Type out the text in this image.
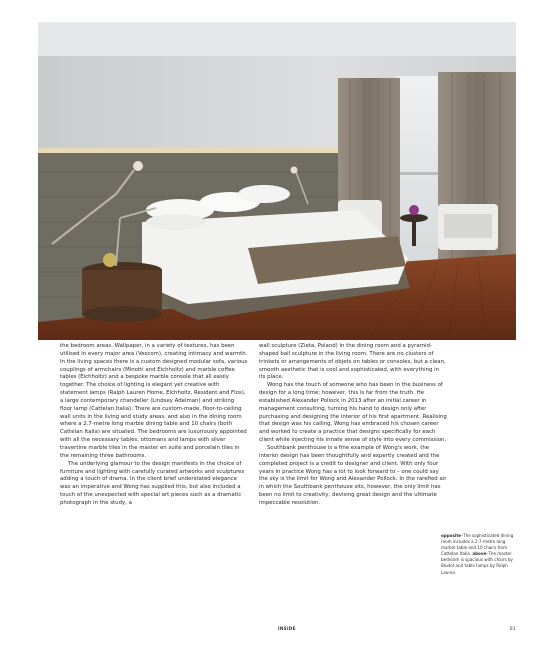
the bedroom areas. Wallpaper, in a variety of textures, has been utilised in every major area (Vescom), creating intimacy and warmth. In the living spaces there is a custom designed modular sofa, various couplings of armchairs (Minotti and Eichholtz) and marble coffee tables (Eichholtz) and a bespoke marble console that all easily together. The choice of lighting is elegant yet creative with statement lamps (Ralph Lauren Home, Eichholtz, Resident and Flos), a large contemporary chandelier (Lindsey Adelman) and striking floor lamp (Cattelan Italia). There are custom-made, floor-to-ceiling wall units in the living and study areas, and also in the dining room where a 2.7-metre long marble dining table and 10 chairs (both Cattelan Italia) are situated. The bedrooms are luxuriously appointed with all the necessary tables, ottomans and lamps with silver travertine marble tiles in the master en suite and porcelain tiles in the remaining three bathrooms.

The underlying glamour to the design manifests in the choice of furniture and lighting with carefully curated artworks and sculptures adding a touch of drama. In the client brief understated elegance was an imperative and Wong has supplied this, but also included a touch of the unexpected with special art pieces such as a dramatic photograph in the study, a

wall sculpture (Zieta, Poland) in the dining room and a pyramid-shaped ball sculpture in the living room. There are no clusters of trinkets or arrangements of objets on tables or consoles, but a clean, smooth aesthetic that is cool and sophisticated, with everything in its place.

Wong has the touch of someone who has been in the business of design for a long time; however, this is far from the truth. He established Alexander Pollock in 2013 after an initial career in management consulting, turning his hand to design only after purchasing and designing the interior of his first apartment. Realising that design was his calling, Wong has embraced his chosen career and worked to create a practice that designs specifically for each client while injecting his innate sense of style into every commission.

Southbank penthouse is a fine example of Wong's work, the interior design has been thoughtfully and expertly created and the completed project is a credit to designer and client. With only four years in practice Wong has a lot to look forward to – one could say the sky is the limit for Wong and Alexander Pollock. In the rarefied air in which the Southbank penthouse sits, however, the only limit has been no limit to creativity, devising great design and the ultimate impeccable resolution.

opposite–The sophisticated dining room includes a 2.7-metre long marble table and 10 chairs from Cattelan Italia. above–The master bedroom is spacious with chairs by Bludot and table lamps by Ralph Lauren.
INSIDE	81
